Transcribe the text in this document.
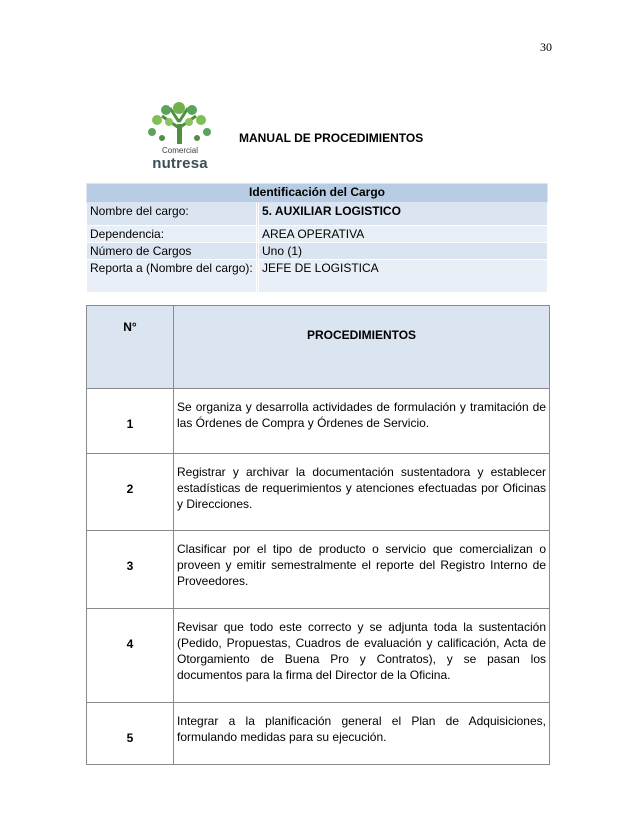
30
Comercial
nutresa
MANUAL DE PROCEDIMIENTOS
Identificación del Cargo	
Nombre del cargo:	5. AUXILIAR LOGISTICO
Dependencia:	AREA OPERATIVA
Número de Cargos	Uno (1)
Reporta a (Nombre del cargo):	JEFE DE LOGISTICA
N°	PROCEDIMIENTOS
1	Se organiza y desarrolla actividades de formulación y tramitación de las Órdenes de Compra y Órdenes de Servicio.
2	Registrar y archivar la documentación sustentadora y establecer estadísticas de requerimientos y atenciones efectuadas por Oficinas y Direcciones.
3	Clasificar por el tipo de producto o servicio que comercializan o proveen y emitir semestralmente el reporte del Registro Interno de Proveedores.
4	Revisar que todo este correcto y se adjunta toda la sustentación (Pedido, Propuestas, Cuadros de evaluación y calificación, Acta de Otorgamiento de Buena Pro y Contratos), y se pasan los documentos para la firma del Director de la Oficina.
5	Integrar a la planificación general el Plan de Adquisiciones, formulando medidas para su ejecución.
